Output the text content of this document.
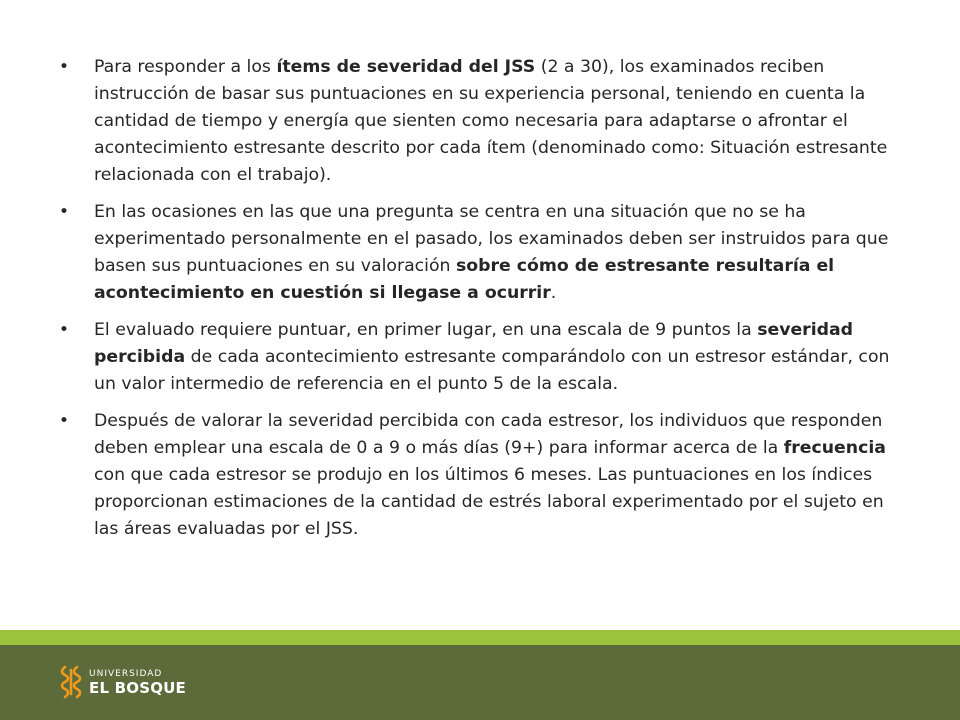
• Para responder a los ítems de severidad del JSS (2 a 30), los examinados reciben instrucción de basar sus puntuaciones en su experiencia personal, teniendo en cuenta la cantidad de tiempo y energía que sienten como necesaria para adaptarse o afrontar el acontecimiento estresante descrito por cada ítem (denominado como: Situación estresante relacionada con el trabajo).
• En las ocasiones en las que una pregunta se centra en una situación que no se ha experimentado personalmente en el pasado, los examinados deben ser instruidos para que basen sus puntuaciones en su valoración sobre cómo de estresante resultaría el acontecimiento en cuestión si llegase a ocurrir.
• El evaluado requiere puntuar, en primer lugar, en una escala de 9 puntos la severidad percibida de cada acontecimiento estresante comparándolo con un estresor estándar, con un valor intermedio de referencia en el punto 5 de la escala.
• Después de valorar la severidad percibida con cada estresor, los individuos que responden deben emplear una escala de 0 a 9 o más días (9+) para informar acerca de la frecuencia con que cada estresor se produjo en los últimos 6 meses. Las puntuaciones en los índices proporcionan estimaciones de la cantidad de estrés laboral experimentado por el sujeto en las áreas evaluadas por el JSS.
UNIVERSIDAD
EL BOSQUE
